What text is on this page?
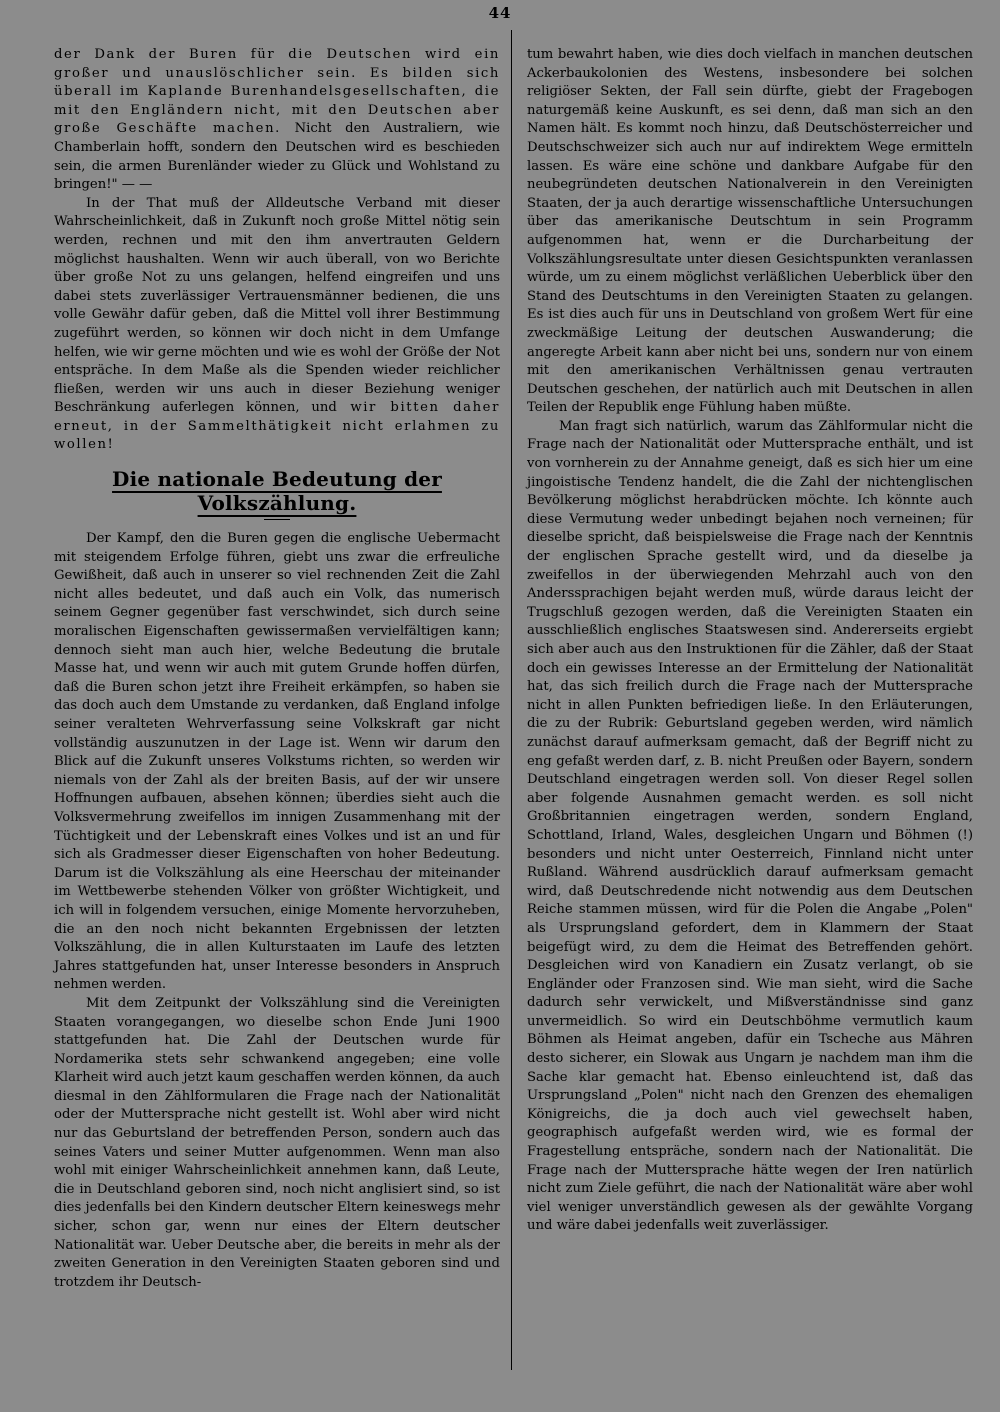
44

der Dank der Buren für die Deutschen wird ein großer und unauslöschlicher sein. Es bilden sich überall im Kaplande Burenhandelsgesellschaften, die mit den Engländern nicht, mit den Deutschen aber große Geschäfte machen. Nicht den Australiern, wie Chamberlain hofft, sondern den Deutschen wird es beschieden sein, die armen Burenländer wieder zu Glück und Wohlstand zu bringen!" — —

In der That muß der Alldeutsche Verband mit dieser Wahrscheinlichkeit, daß in Zukunft noch große Mittel nötig sein werden, rechnen und mit den ihm anvertrauten Geldern möglichst haushalten. Wenn wir auch überall, von wo Berichte über große Not zu uns gelangen, helfend eingreifen und uns dabei stets zuverlässiger Vertrauensmänner bedienen, die uns volle Gewähr dafür geben, daß die Mittel voll ihrer Bestimmung zugeführt werden, so können wir doch nicht in dem Umfange helfen, wie wir gerne möchten und wie es wohl der Größe der Not entspräche. In dem Maße als die Spenden wieder reichlicher fließen, werden wir uns auch in dieser Beziehung weniger Beschränkung auferlegen können, und wir bitten daher erneut, in der Sammelthätigkeit nicht erlahmen zu wollen!

Die nationale Bedeutung der Volkszählung.

Der Kampf, den die Buren gegen die englische Uebermacht mit steigendem Erfolge führen, giebt uns zwar die erfreuliche Gewißheit, daß auch in unserer so viel rechnenden Zeit die Zahl nicht alles bedeutet, und daß auch ein Volk, das numerisch seinem Gegner gegenüber fast verschwindet, sich durch seine moralischen Eigenschaften gewissermaßen vervielfältigen kann; dennoch sieht man auch hier, welche Bedeutung die brutale Masse hat, und wenn wir auch mit gutem Grunde hoffen dürfen, daß die Buren schon jetzt ihre Freiheit erkämpfen, so haben sie das doch auch dem Umstande zu verdanken, daß England infolge seiner veralteten Wehrverfassung seine Volkskraft gar nicht vollständig auszunutzen in der Lage ist. Wenn wir darum den Blick auf die Zukunft unseres Volkstums richten, so werden wir niemals von der Zahl als der breiten Basis, auf der wir unsere Hoffnungen aufbauen, absehen können; überdies sieht auch die Volksvermehrung zweifellos im innigen Zusammenhang mit der Tüchtigkeit und der Lebenskraft eines Volkes und ist an und für sich als Gradmesser dieser Eigenschaften von hoher Bedeutung. Darum ist die Volkszählung als eine Heerschau der miteinander im Wettbewerbe stehenden Völker von größter Wichtigkeit, und ich will in folgendem versuchen, einige Momente hervorzuheben, die an den noch nicht bekannten Ergebnissen der letzten Volkszählung, die in allen Kulturstaaten im Laufe des letzten Jahres stattgefunden hat, unser Interesse besonders in Anspruch nehmen werden.

Mit dem Zeitpunkt der Volkszählung sind die Vereinigten Staaten vorangegangen, wo dieselbe schon Ende Juni 1900 stattgefunden hat. Die Zahl der Deutschen wurde für Nordamerika stets sehr schwankend angegeben; eine volle Klarheit wird auch jetzt kaum geschaffen werden können, da auch diesmal in den Zählformularen die Frage nach der Nationalität oder der Muttersprache nicht gestellt ist. Wohl aber wird nicht nur das Geburtsland der betreffenden Person, sondern auch das seines Vaters und seiner Mutter aufgenommen. Wenn man also wohl mit einiger Wahrscheinlichkeit annehmen kann, daß Leute, die in Deutschland geboren sind, noch nicht anglisiert sind, so ist dies jedenfalls bei den Kindern deutscher Eltern keineswegs mehr sicher, schon gar, wenn nur eines der Eltern deutscher Nationalität war. Ueber Deutsche aber, die bereits in mehr als der zweiten Generation in den Vereinigten Staaten geboren sind und trotzdem ihr Deutsch-

tum bewahrt haben, wie dies doch vielfach in manchen deutschen Ackerbaukolonien des Westens, insbesondere bei solchen religiöser Sekten, der Fall sein dürfte, giebt der Fragebogen naturgemäß keine Auskunft, es sei denn, daß man sich an den Namen hält. Es kommt noch hinzu, daß Deutschösterreicher und Deutschschweizer sich auch nur auf indirektem Wege ermitteln lassen. Es wäre eine schöne und dankbare Aufgabe für den neubegründeten deutschen Nationalverein in den Vereinigten Staaten, der ja auch derartige wissenschaftliche Untersuchungen über das amerikanische Deutschtum in sein Programm aufgenommen hat, wenn er die Durcharbeitung der Volkszählungsresultate unter diesen Gesichtspunkten veranlassen würde, um zu einem möglichst verläßlichen Ueberblick über den Stand des Deutschtums in den Vereinigten Staaten zu gelangen. Es ist dies auch für uns in Deutschland von großem Wert für eine zweckmäßige Leitung der deutschen Auswanderung; die angeregte Arbeit kann aber nicht bei uns, sondern nur von einem mit den amerikanischen Verhältnissen genau vertrauten Deutschen geschehen, der natürlich auch mit Deutschen in allen Teilen der Republik enge Fühlung haben müßte.

Man fragt sich natürlich, warum das Zählformular nicht die Frage nach der Nationalität oder Muttersprache enthält, und ist von vornherein zu der Annahme geneigt, daß es sich hier um eine jingoistische Tendenz handelt, die die Zahl der nichtenglischen Bevölkerung möglichst herabdrücken möchte. Ich könnte auch diese Vermutung weder unbedingt bejahen noch verneinen; für dieselbe spricht, daß beispielsweise die Frage nach der Kenntnis der englischen Sprache gestellt wird, und da dieselbe ja zweifellos in der überwiegenden Mehrzahl auch von den Anderssprachigen bejaht werden muß, würde daraus leicht der Trugschluß gezogen werden, daß die Vereinigten Staaten ein ausschließlich englisches Staatswesen sind. Andererseits ergiebt sich aber auch aus den Instruktionen für die Zähler, daß der Staat doch ein gewisses Interesse an der Ermittelung der Nationalität hat, das sich freilich durch die Frage nach der Muttersprache nicht in allen Punkten befriedigen ließe. In den Erläuterungen, die zu der Rubrik: Geburtsland gegeben werden, wird nämlich zunächst darauf aufmerksam gemacht, daß der Begriff nicht zu eng gefaßt werden darf, z. B. nicht Preußen oder Bayern, sondern Deutschland eingetragen werden soll. Von dieser Regel sollen aber folgende Ausnahmen gemacht werden. es soll nicht Großbritannien eingetragen werden, sondern England, Schottland, Irland, Wales, desgleichen Ungarn und Böhmen (!) besonders und nicht unter Oesterreich, Finnland nicht unter Rußland. Während ausdrücklich darauf aufmerksam gemacht wird, daß Deutschredende nicht notwendig aus dem Deutschen Reiche stammen müssen, wird für die Polen die Angabe „Polen" als Ursprungsland gefordert, dem in Klammern der Staat beigefügt wird, zu dem die Heimat des Betreffenden gehört. Desgleichen wird von Kanadiern ein Zusatz verlangt, ob sie Engländer oder Franzosen sind. Wie man sieht, wird die Sache dadurch sehr verwickelt, und Mißverständnisse sind ganz unvermeidlich. So wird ein Deutschböhme vermutlich kaum Böhmen als Heimat angeben, dafür ein Tscheche aus Mähren desto sicherer, ein Slowak aus Ungarn je nachdem man ihm die Sache klar gemacht hat. Ebenso einleuchtend ist, daß das Ursprungsland „Polen" nicht nach den Grenzen des ehemaligen Königreichs, die ja doch auch viel gewechselt haben, geographisch aufgefaßt werden wird, wie es formal der Fragestellung entspräche, sondern nach der Nationalität. Die Frage nach der Muttersprache hätte wegen der Iren natürlich nicht zum Ziele geführt, die nach der Nationalität wäre aber wohl viel weniger unverständlich gewesen als der gewählte Vorgang und wäre dabei jedenfalls weit zuverlässiger.
